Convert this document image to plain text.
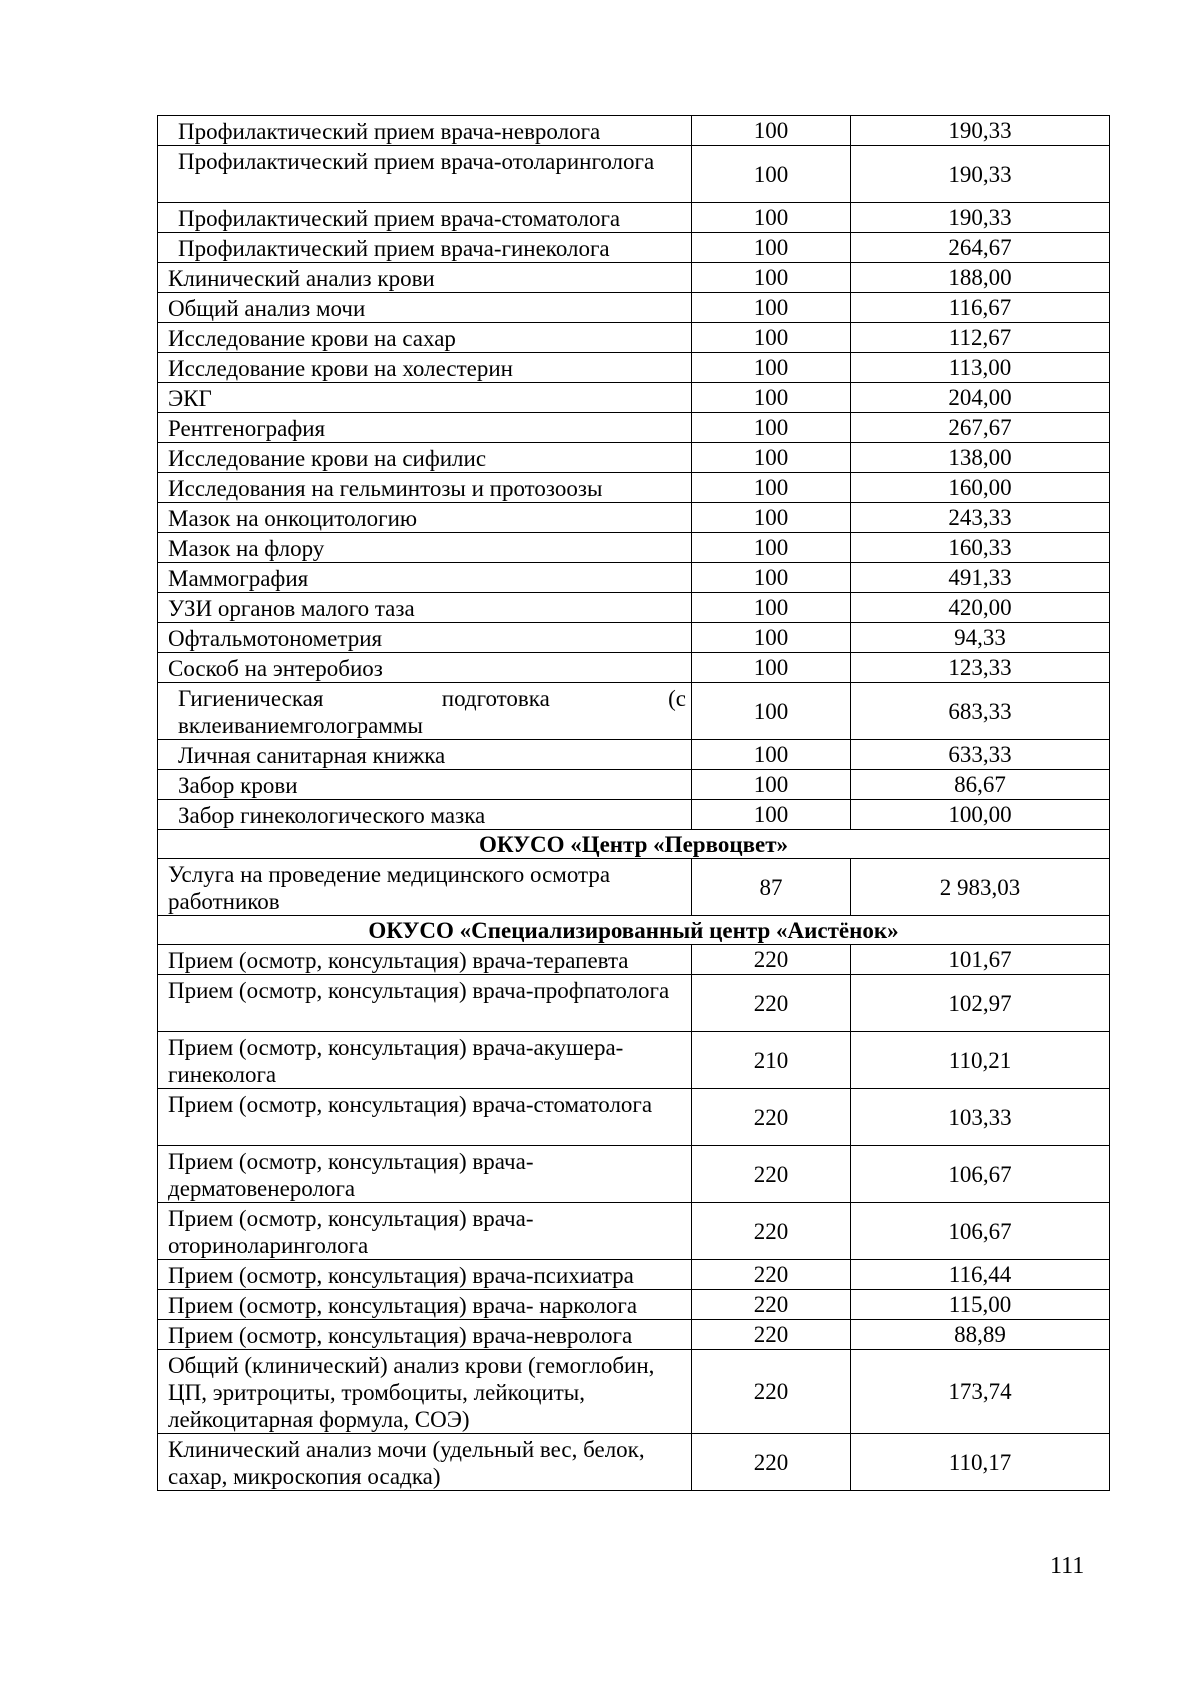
Профилактический прием врача-невролога	100	190,33
Профилактический прием врача-отоларинголога	100	190,33
Профилактический прием врача-стоматолога	100	190,33
Профилактический прием врача-гинеколога	100	264,67
Клинический анализ крови	100	188,00
Общий анализ мочи	100	116,67
Исследование крови на сахар	100	112,67
Исследование крови на холестерин	100	113,00
ЭКГ	100	204,00
Рентгенография	100	267,67
Исследование крови на сифилис	100	138,00
Исследования на гельминтозы и протозоозы	100	160,00
Мазок на онкоцитологию	100	243,33
Мазок на флору	100	160,33
Маммография	100	491,33
УЗИ органов малого таза	100	420,00
Офтальмотонометрия	100	94,33
Соскоб на энтеробиоз	100	123,33
Гигиеническая подготовка (с вклеиваниемголограммы	100	683,33
Личная санитарная книжка	100	633,33
Забор крови	100	86,67
Забор гинекологического мазка	100	100,00
ОКУСО «Центр «Первоцвет»		
Услуга на проведение медицинского осмотра работников	87	2 983,03
ОКУСО «Специализированный центр «Аистёнок»		
Прием (осмотр, консультация) врача-терапевта	220	101,67
Прием (осмотр, консультация) врача-профпатолога	220	102,97
Прием (осмотр, консультация) врача-акушера-гинеколога	210	110,21
Прием (осмотр, консультация) врача-стоматолога	220	103,33
Прием (осмотр, консультация) врача-дерматовенеролога	220	106,67
Прием (осмотр, консультация) врача-оториноларинголога	220	106,67
Прием (осмотр, консультация) врача-психиатра	220	116,44
Прием (осмотр, консультация) врача- нарколога	220	115,00
Прием (осмотр, консультация) врача-невролога	220	88,89
Общий (клинический) анализ крови (гемоглобин, ЦП, эритроциты, тромбоциты, лейкоциты, лейкоцитарная формула, СОЭ)	220	173,74
Клинический анализ мочи (удельный вес, белок, сахар, микроскопия осадка)	220	110,17
111
